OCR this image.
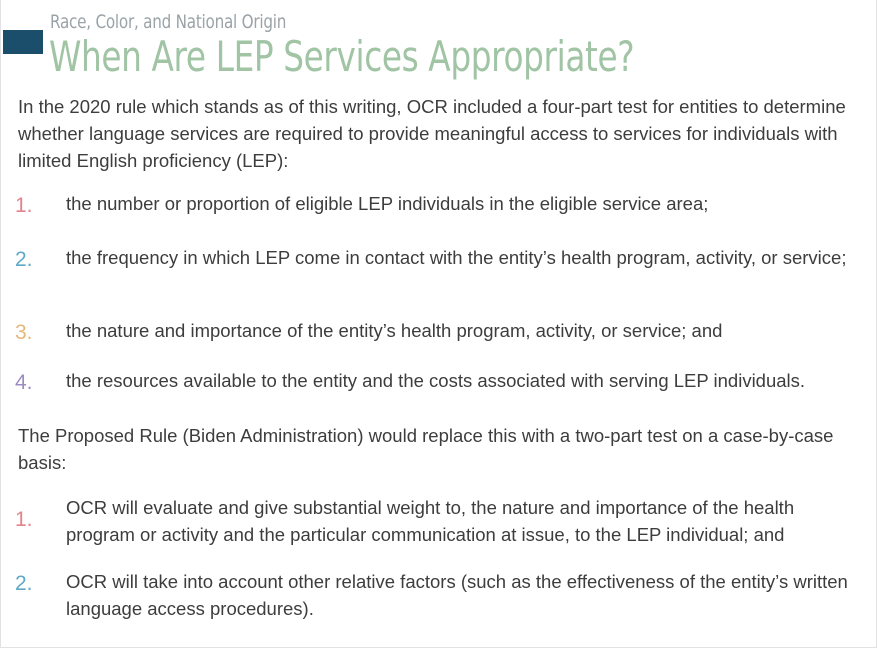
Race, Color, and National Origin
When Are LEP Services Appropriate?
In the 2020 rule which stands as of this writing, OCR included a four-part test for entities to determine whether language services are required to provide meaningful access to services for individuals with limited English proficiency (LEP):
1. the number or proportion of eligible LEP individuals in the eligible service area;
2. the frequency in which LEP come in contact with the entity’s health program, activity, or service;
3. the nature and importance of the entity’s health program, activity, or service; and
4. the resources available to the entity and the costs associated with serving LEP individuals.
The Proposed Rule (Biden Administration) would replace this with a two-part test on a case-by-case basis:
1.
OCR will evaluate and give substantial weight to, the nature and importance of the health program or activity and the particular communication at issue, to the LEP individual; and
2. OCR will take into account other relative factors (such as the effectiveness of the entity’s written language access procedures).
